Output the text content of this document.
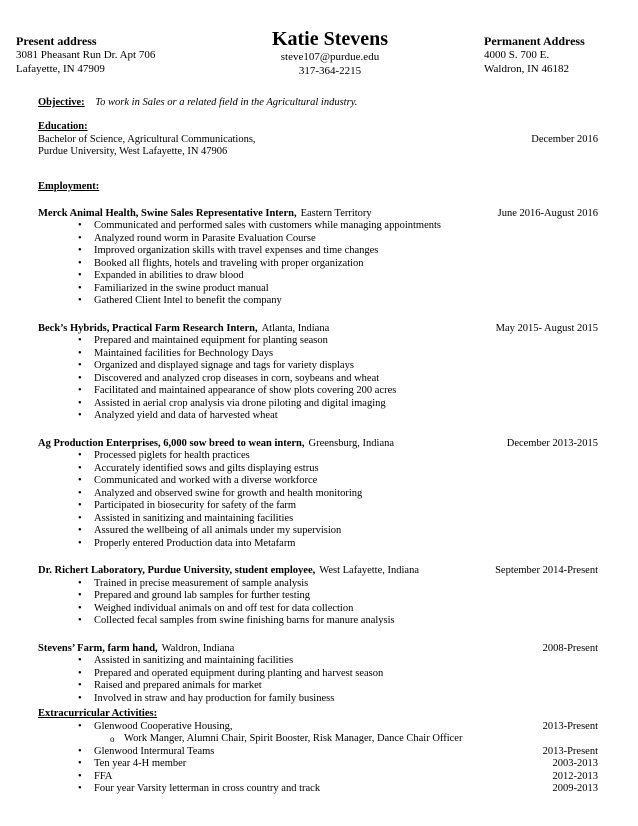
Present address
3081 Pheasant Run Dr. Apt 706
Lafayette, IN 47909
Katie Stevens
steve107@purdue.edu
317-364-2215
Permanent Address
4000 S. 700 E.
Waldron, IN 46182
Objective: To work in Sales or a related field in the Agricultural industry.
Education:
Bachelor of Science, Agricultural Communications,	December 2016
Purdue University, West Lafayette, IN 47906
Employment:
Merck Animal Health, Swine Sales Representative Intern, Eastern Territory	June 2016-August 2016
• Communicated and performed sales with customers while managing appointments
• Analyzed round worm in Parasite Evaluation Course
• Improved organization skills with travel expenses and time changes
• Booked all flights, hotels and traveling with proper organization
• Expanded in abilities to draw blood
• Familiarized in the swine product manual
• Gathered Client Intel to benefit the company
Beck’s Hybrids, Practical Farm Research Intern, Atlanta, Indiana	May 2015- August 2015
• Prepared and maintained equipment for planting season
• Maintained facilities for Bechnology Days
• Organized and displayed signage and tags for variety displays
• Discovered and analyzed crop diseases in corn, soybeans and wheat
• Facilitated and maintained appearance of show plots covering 200 acres
• Assisted in aerial crop analysis via drone piloting and digital imaging
• Analyzed yield and data of harvested wheat
Ag Production Enterprises, 6,000 sow breed to wean intern, Greensburg, Indiana	December 2013-2015
• Processed piglets for health practices
• Accurately identified sows and gilts displaying estrus
• Communicated and worked with a diverse workforce
• Analyzed and observed swine for growth and health monitoring
• Participated in biosecurity for safety of the farm
• Assisted in sanitizing and maintaining facilities
• Assured the wellbeing of all animals under my supervision
• Properly entered Production data into Metafarm
Dr. Richert Laboratory, Purdue University, student employee, West Lafayette, Indiana	September 2014-Present
• Trained in precise measurement of sample analysis
• Prepared and ground lab samples for further testing
• Weighed individual animals on and off test for data collection
• Collected fecal samples from swine finishing barns for manure analysis
Stevens’ Farm, farm hand, Waldron, Indiana	2008-Present
• Assisted in sanitizing and maintaining facilities
• Prepared and operated equipment during planting and harvest season
• Raised and prepared animals for market
• Involved in straw and hay production for family business
Extracurricular Activities:
• Glenwood Cooperative Housing,	2013-Present
o Work Manger, Alumni Chair, Spirit Booster, Risk Manager, Dance Chair Officer
• Glenwood Intermural Teams	2013-Present
• Ten year 4-H member	2003-2013
• FFA	2012-2013
• Four year Varsity letterman in cross country and track	2009-2013
